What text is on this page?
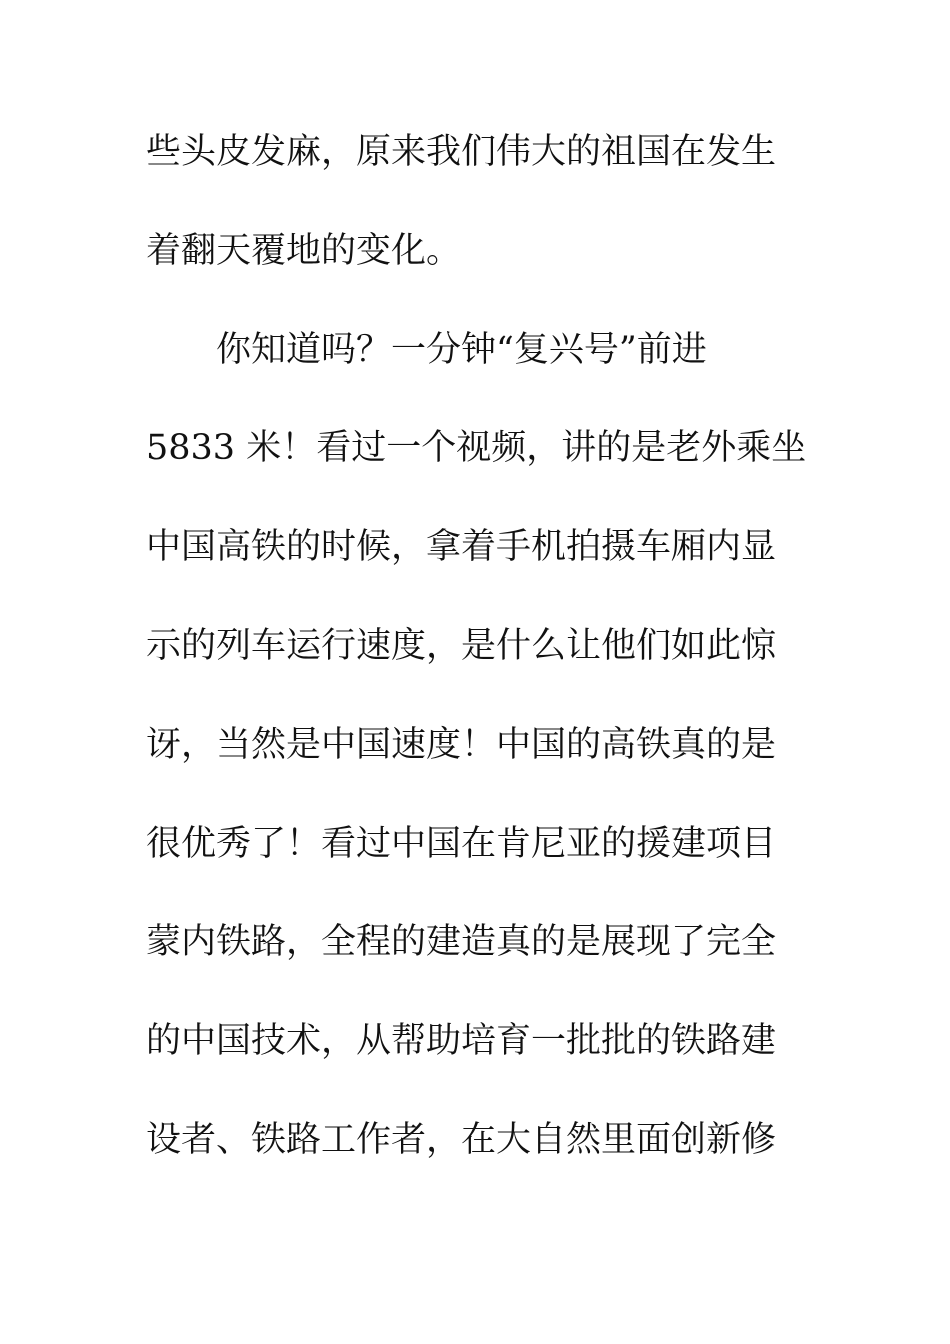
些头皮发麻，原来我们伟大的祖国在发生
着翻天覆地的变化。
你知道吗？一分钟“复兴号”前进
5833 米！看过一个视频，讲的是老外乘坐
中国高铁的时候，拿着手机拍摄车厢内显
示的列车运行速度，是什么让他们如此惊
讶，当然是中国速度！中国的高铁真的是
很优秀了！看过中国在肯尼亚的援建项目
蒙内铁路，全程的建造真的是展现了完全
的中国技术，从帮助培育一批批的铁路建
设者、铁路工作者，在大自然里面创新修
